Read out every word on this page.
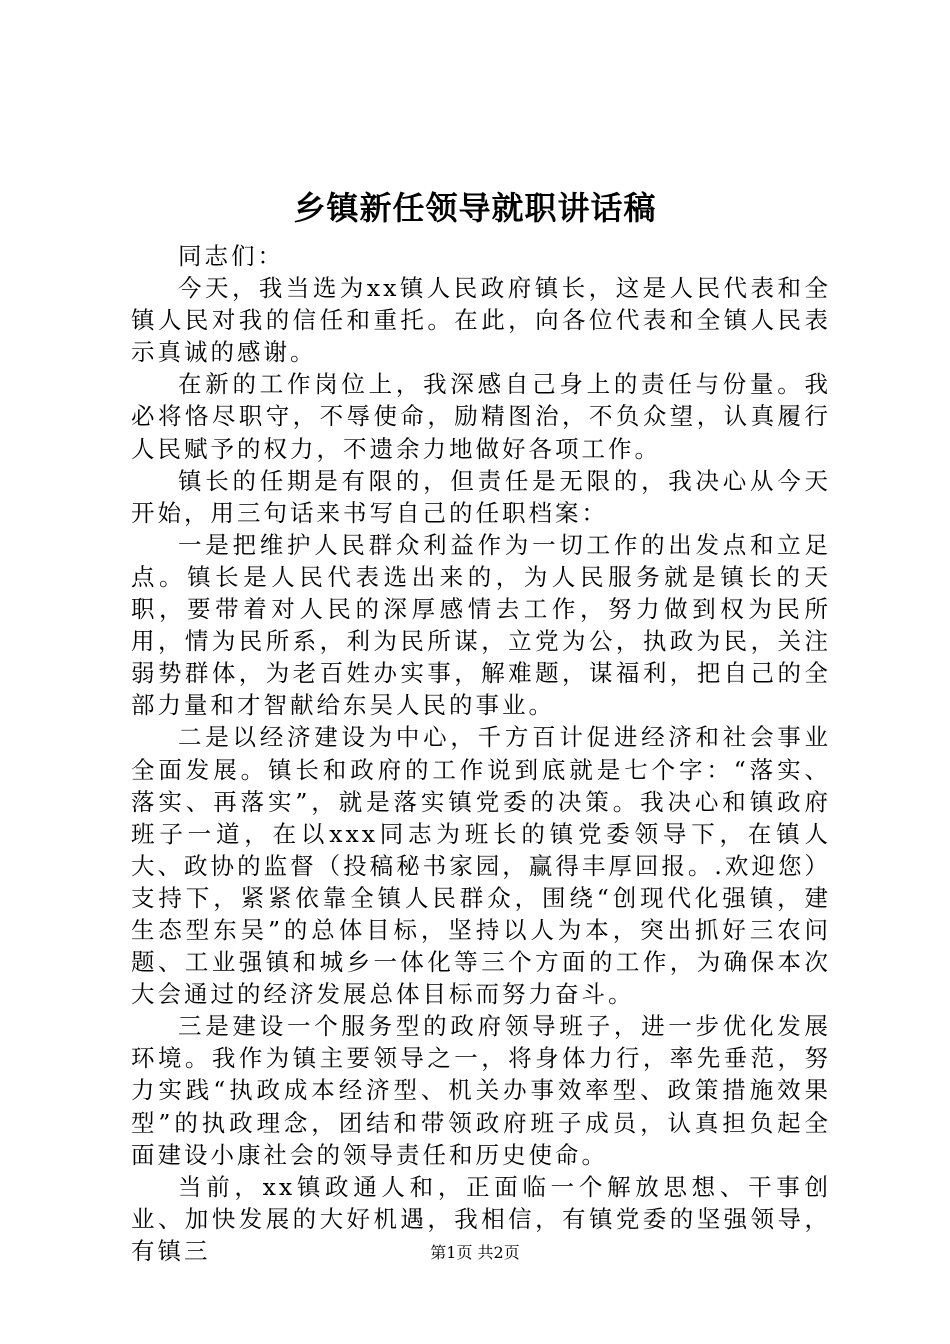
乡镇新任领导就职讲话稿

同志们：

今天，我当选为xx镇人民政府镇长，这是人民代表和全镇人民对我的信任和重托。在此，向各位代表和全镇人民表示真诚的感谢。

在新的工作岗位上，我深感自己身上的责任与份量。我必将恪尽职守，不辱使命，励精图治，不负众望，认真履行人民赋予的权力，不遗余力地做好各项工作。

镇长的任期是有限的，但责任是无限的，我决心从今天开始，用三句话来书写自己的任职档案：

一是把维护人民群众利益作为一切工作的出发点和立足点。镇长是人民代表选出来的，为人民服务就是镇长的天职，要带着对人民的深厚感情去工作，努力做到权为民所用，情为民所系，利为民所谋，立党为公，执政为民，关注弱势群体，为老百姓办实事，解难题，谋福利，把自己的全部力量和才智献给东吴人民的事业。

二是以经济建设为中心，千方百计促进经济和社会事业全面发展。镇长和政府的工作说到底就是七个字：“落实、落实、再落实”，就是落实镇党委的决策。我决心和镇政府班子一道，在以xxx同志为班长的镇党委领导下，在镇人大、政协的监督（投稿秘书家园，赢得丰厚回报。.欢迎您）支持下，紧紧依靠全镇人民群众，围绕“创现代化强镇，建生态型东吴”的总体目标，坚持以人为本，突出抓好三农问题、工业强镇和城乡一体化等三个方面的工作，为确保本次大会通过的经济发展总体目标而努力奋斗。

三是建设一个服务型的政府领导班子，进一步优化发展环境。我作为镇主要领导之一，将身体力行，率先垂范，努力实践“执政成本经济型、机关办事效率型、政策措施效果型”的执政理念，团结和带领政府班子成员，认真担负起全面建设小康社会的领导责任和历史使命。

当前，xx镇政通人和，正面临一个解放思想、干事创业、加快发展的大好机遇，我相信，有镇党委的坚强领导，有镇三	第1页 共2页
